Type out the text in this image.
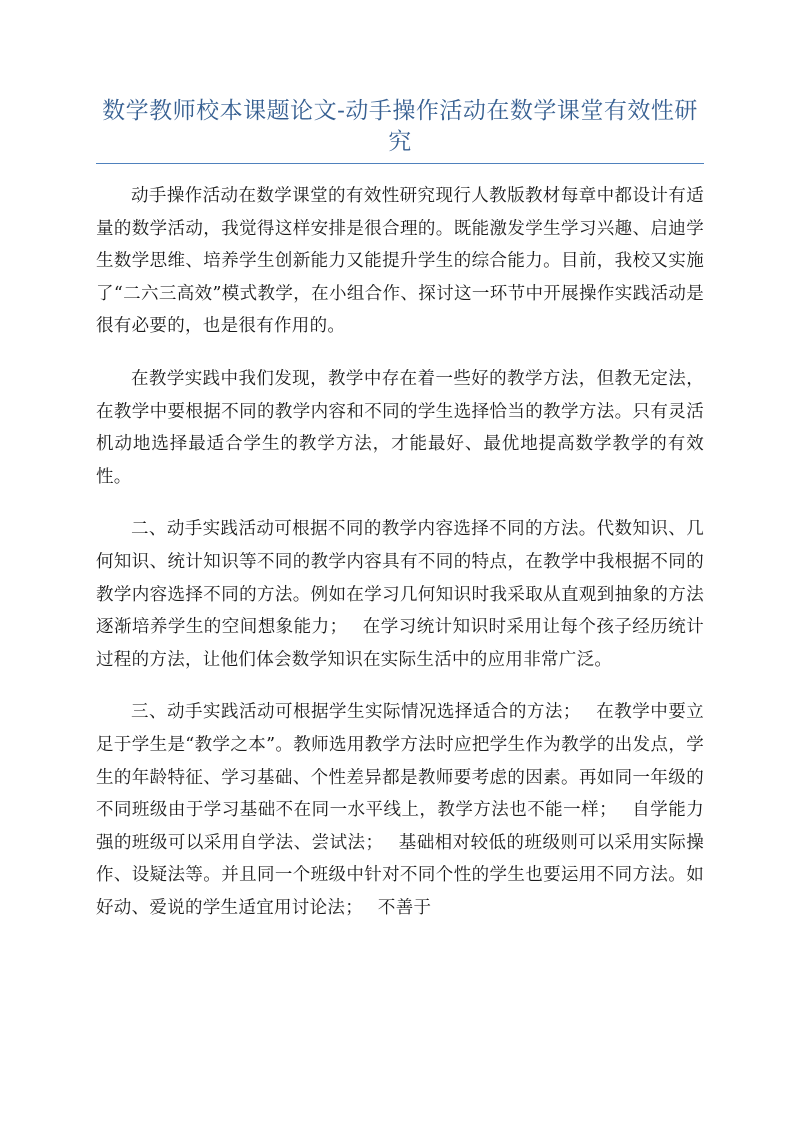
数学教师校本课题论文-动手操作活动在数学课堂有效性研究

动手操作活动在数学课堂的有效性研究现行人教版教材每章中都设计有适量的数学活动，我觉得这样安排是很合理的。既能激发学生学习兴趣、启迪学生数学思维、培养学生创新能力又能提升学生的综合能力。目前，我校又实施了“二六三高效”模式教学，在小组合作、探讨这一环节中开展操作实践活动是很有必要的，也是很有作用的。

在教学实践中我们发现，教学中存在着一些好的教学方法，但教无定法，在教学中要根据不同的教学内容和不同的学生选择恰当的教学方法。只有灵活机动地选择最适合学生的教学方法，才能最好、最优地提高数学教学的有效性。

二、动手实践活动可根据不同的教学内容选择不同的方法。代数知识、几何知识、统计知识等不同的教学内容具有不同的特点，在教学中我根据不同的教学内容选择不同的方法。例如在学习几何知识时我采取从直观到抽象的方法逐渐培养学生的空间想象能力；　 在学习统计知识时采用让每个孩子经历统计过程的方法，让他们体会数学知识在实际生活中的应用非常广泛。

三、动手实践活动可根据学生实际情况选择适合的方法；　 在教学中要立足于学生是“教学之本”。教师选用教学方法时应把学生作为教学的出发点，学生的年龄特征、学习基础、个性差异都是教师要考虑的因素。再如同一年级的不同班级由于学习基础不在同一水平线上，教学方法也不能一样；　 自学能力强的班级可以采用自学法、尝试法；　 基础相对较低的班级则可以采用实际操作、设疑法等。并且同一个班级中针对不同个性的学生也要运用不同方法。如好动、爱说的学生适宜用讨论法；　 不善于
